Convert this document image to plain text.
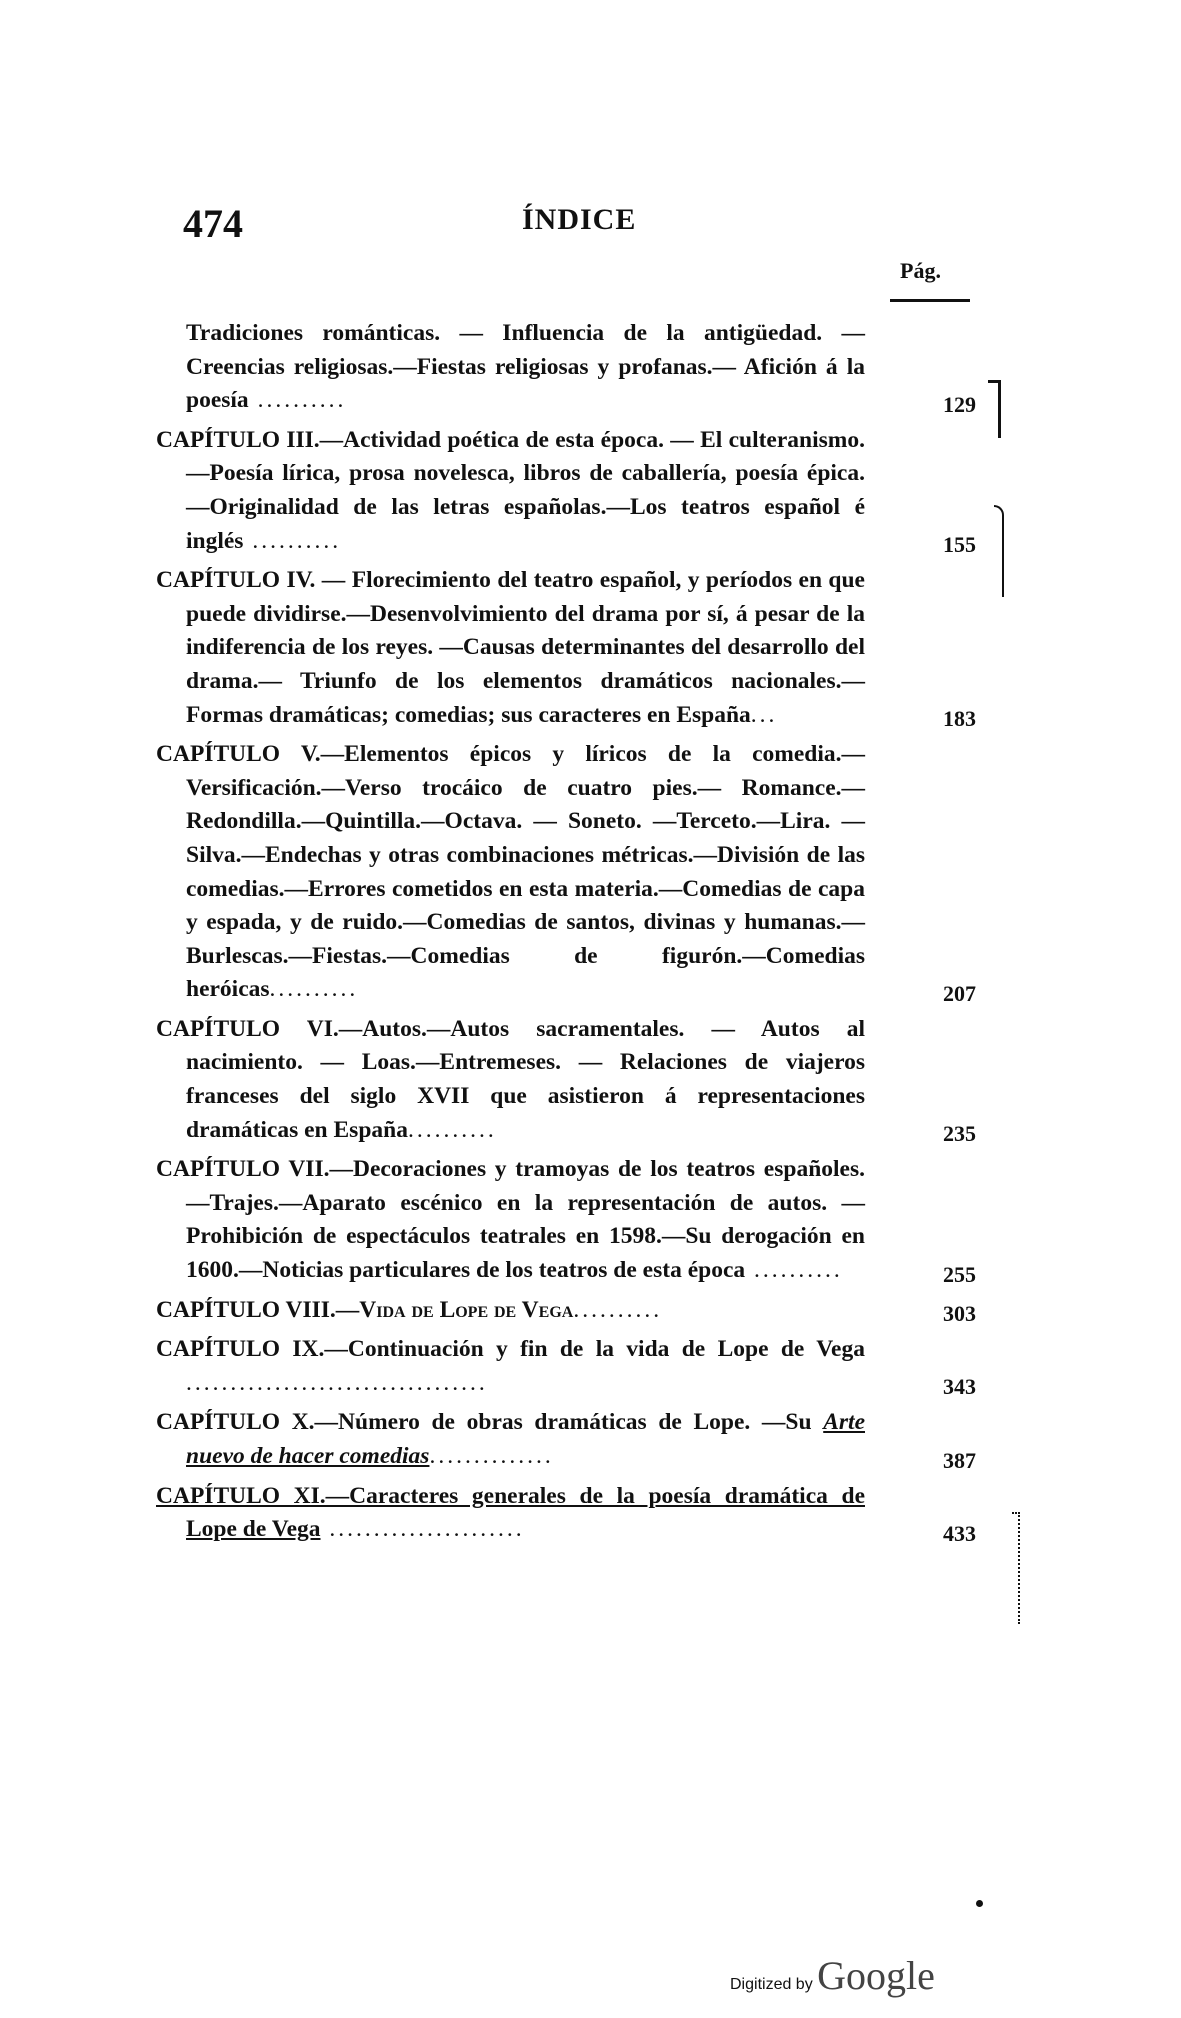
474	ÍNDICE
Pág.
Tradiciones románticas. — Influencia de la antigüedad. —Creencias religiosas.—Fiestas religiosas y profanas.— Afición á la poesía ..........	129
CAPÍTULO III.—Actividad poética de esta época. — El culteranismo.—Poesía lírica, prosa novelesca, libros de caballería, poesía épica.—Originalidad de las letras españolas.—Los teatros español é inglés ..........	155
CAPÍTULO IV. — Florecimiento del teatro español, y períodos en que puede dividirse.—Desenvolvimiento del drama por sí, á pesar de la indiferencia de los reyes. —Causas determinantes del desarrollo del drama.— Triunfo de los elementos dramáticos nacionales.—Formas dramáticas; comedias; sus caracteres en España...	183
CAPÍTULO V.—Elementos épicos y líricos de la comedia.—Versificación.—Verso trocáico de cuatro pies.— Romance.—Redondilla.—Quintilla.—Octava. — Soneto. —Terceto.—Lira. —Silva.—Endechas y otras combinaciones métricas.—División de las comedias.—Errores cometidos en esta materia.—Comedias de capa y espada, y de ruido.—Comedias de santos, divinas y humanas.—Burlescas.—Fiestas.—Comedias de figurón.—Comedias heróicas..........	207
CAPÍTULO VI.—Autos.—Autos sacramentales. — Autos al nacimiento. — Loas.—Entremeses. — Relaciones de viajeros franceses del siglo XVII que asistieron á representaciones dramáticas en España..........	235
CAPÍTULO VII.—Decoraciones y tramoyas de los teatros españoles.—Trajes.—Aparato escénico en la representación de autos. — Prohibición de espectáculos teatrales en 1598.—Su derogación en 1600.—Noticias particulares de los teatros de esta época ..........	255
CAPÍTULO VIII.—Vida de Lope de Vega..........	303
CAPÍTULO IX.—Continuación y fin de la vida de Lope de Vega ..................................	343
CAPÍTULO X.—Número de obras dramáticas de Lope. —Su Arte nuevo de hacer comedias..............	387
CAPÍTULO XI.—Caracteres generales de la poesía dramática de Lope de Vega ......................	433
Digitized by Google
